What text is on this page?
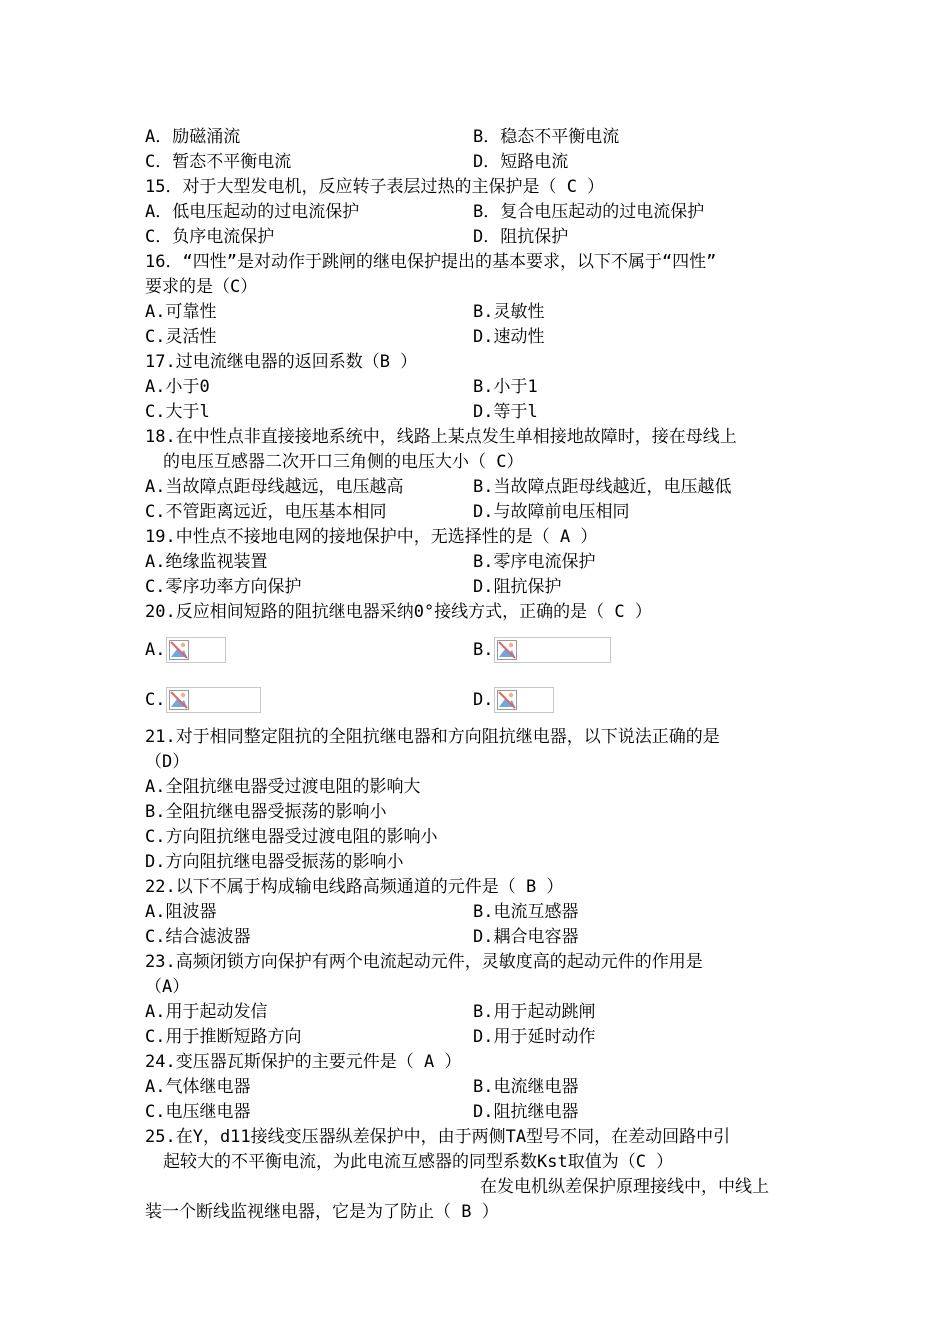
A．励磁涌流	B．稳态不平衡电流
C．暂态不平衡电流	D．短路电流
15．对于大型发电机，反应转子表层过热的主保护是（ C ）
A．低电压起动的过电流保护	B．复合电压起动的过电流保护
C．负序电流保护	D．阻抗保护
16．“四性”是对动作于跳闸的继电保护提出的基本要求，以下不属于“四性”
要求的是（C）
A.可靠性	B.灵敏性
C.灵活性	D.速动性
17.过电流继电器的返回系数（B ）
A.小于0	B.小于1
C.大于l	D.等于l
18.在中性点非直接接地系统中，线路上某点发生单相接地故障时，接在母线上
的电压互感器二次开口三角侧的电压大小（ C）
A.当故障点距母线越远，电压越高	B.当故障点距母线越近，电压越低
C.不管距离远近，电压基本相同	D.与故障前电压相同
19.中性点不接地电网的接地保护中，无选择性的是（ A ）
A.绝缘监视装置	B.零序电流保护
C.零序功率方向保护	D.阻抗保护
20.反应相间短路的阻抗继电器采纳0°接线方式，正确的是（ C ）
A.	B.
C.	D.
21.对于相同整定阻抗的全阻抗继电器和方向阻抗继电器，以下说法正确的是
（D）
A.全阻抗继电器受过渡电阻的影响大
B.全阻抗继电器受振荡的影响小
C.方向阻抗继电器受过渡电阻的影响小
D.方向阻抗继电器受振荡的影响小
22.以下不属于构成输电线路高频通道的元件是（ B ）
A.阻波器	B.电流互感器
C.结合滤波器	D.耦合电容器
23.高频闭锁方向保护有两个电流起动元件，灵敏度高的起动元件的作用是
（A）
A.用于起动发信	B.用于起动跳闸
C.用于推断短路方向	D.用于延时动作
24.变压器瓦斯保护的主要元件是（ A ）
A.气体继电器	B.电流继电器
C.电压继电器	D.阻抗继电器
25.在Y，d11接线变压器纵差保护中，由于两侧TA型号不同，在差动回路中引
起较大的不平衡电流，为此电流互感器的同型系数Kst取值为（C ）
在发电机纵差保护原理接线中，中线上
装一个断线监视继电器，它是为了防止（ B ）
